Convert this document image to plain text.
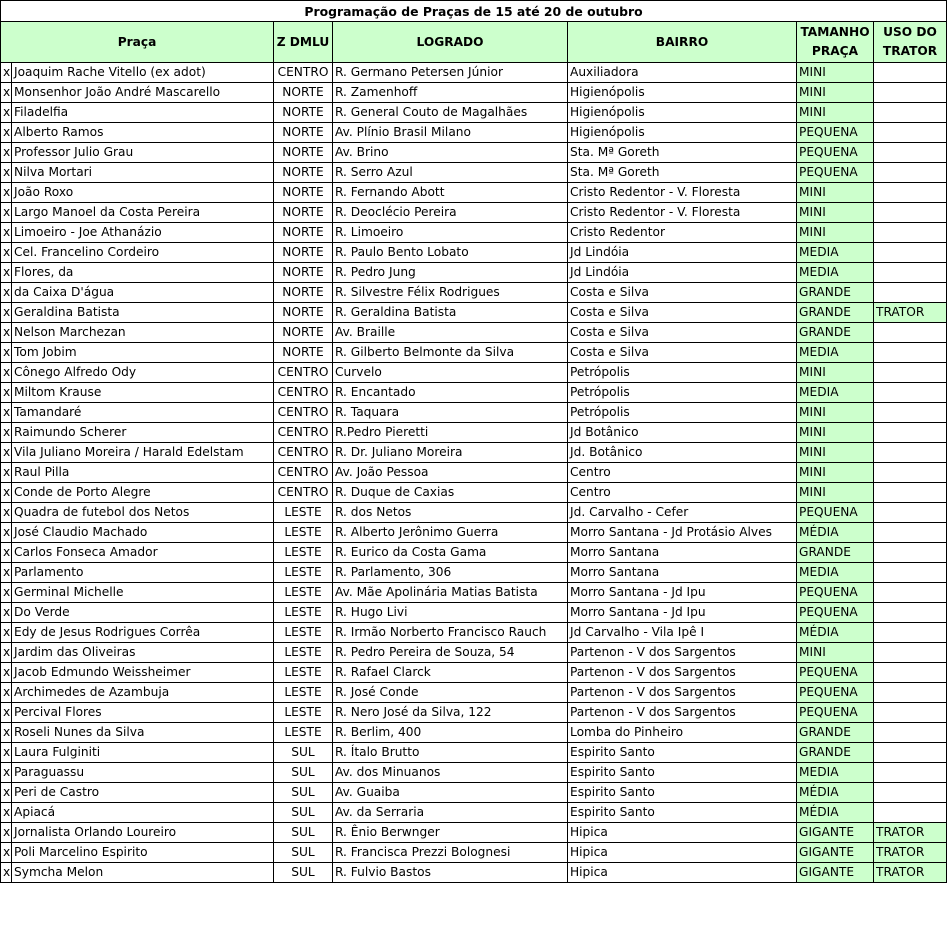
Programação de Praças de 15 até 20 de outubro						
Praça		Z DMLU	LOGRADO	BAIRRO	TAMANHO PRAÇA	USO DO TRATOR
x	Joaquim Rache Vitello (ex adot)	CENTRO	R. Germano Petersen Júnior	Auxiliadora	MINI	
x	Monsenhor João André Mascarello	NORTE	R. Zamenhoff	Higienópolis	MINI	
x	Filadelfia	NORTE	R. General Couto de Magalhães	Higienópolis	MINI	
x	Alberto Ramos	NORTE	Av. Plínio Brasil Milano	Higienópolis	PEQUENA	
x	Professor Julio Grau	NORTE	Av. Brino	Sta. Mª Goreth	PEQUENA	
x	Nilva Mortari	NORTE	R. Serro Azul	Sta. Mª Goreth	PEQUENA	
x	João Roxo	NORTE	R. Fernando Abott	Cristo Redentor - V. Floresta	MINI	
x	Largo Manoel da Costa Pereira	NORTE	R. Deoclécio Pereira	Cristo Redentor - V. Floresta	MINI	
x	Limoeiro - Joe Athanázio	NORTE	R. Limoeiro	Cristo Redentor	MINI	
x	Cel. Francelino Cordeiro	NORTE	R. Paulo Bento Lobato	Jd Lindóia	MEDIA	
x	Flores, da	NORTE	R. Pedro Jung	Jd Lindóia	MEDIA	
x	da Caixa D'água	NORTE	R. Silvestre Félix Rodrigues	Costa e Silva	GRANDE	
x	Geraldina Batista	NORTE	R. Geraldina Batista	Costa e Silva	GRANDE	TRATOR
x	Nelson Marchezan	NORTE	Av. Braille	Costa e Silva	GRANDE	
x	Tom Jobim	NORTE	R. Gilberto Belmonte da Silva	Costa e Silva	MEDIA	
x	Cônego Alfredo Ody	CENTRO	Curvelo	Petrópolis	MINI	
x	Miltom Krause	CENTRO	R. Encantado	Petrópolis	MEDIA	
x	Tamandaré	CENTRO	R. Taquara	Petrópolis	MINI	
x	Raimundo Scherer	CENTRO	R.Pedro Pieretti	Jd Botânico	MINI	
x	Vila Juliano Moreira / Harald Edelstam	CENTRO	R. Dr. Juliano Moreira	Jd. Botânico	MINI	
x	Raul Pilla	CENTRO	Av. João Pessoa	Centro	MINI	
x	Conde de Porto Alegre	CENTRO	R. Duque de Caxias	Centro	MINI	
x	Quadra de futebol dos Netos	LESTE	R. dos Netos	Jd. Carvalho - Cefer	PEQUENA	
x	José Claudio Machado	LESTE	R. Alberto Jerônimo Guerra	Morro Santana - Jd Protásio Alves	MÉDIA	
x	Carlos Fonseca Amador	LESTE	R. Eurico da Costa Gama	Morro Santana	GRANDE	
x	Parlamento	LESTE	R. Parlamento, 306	Morro Santana	MEDIA	
x	Germinal Michelle	LESTE	Av. Mãe Apolinária Matias Batista	Morro Santana - Jd Ipu	PEQUENA	
x	Do Verde	LESTE	R. Hugo Livi	Morro Santana - Jd Ipu	PEQUENA	
x	Edy de Jesus Rodrigues Corrêa	LESTE	R. Irmão Norberto Francisco Rauch	Jd Carvalho - Vila Ipê I	MÉDIA	
x	Jardim das Oliveiras	LESTE	R. Pedro Pereira de Souza, 54	Partenon - V dos Sargentos	MINI	
x	Jacob Edmundo Weissheimer	LESTE	R. Rafael Clarck	Partenon - V dos Sargentos	PEQUENA	
x	Archimedes de Azambuja	LESTE	R. José Conde	Partenon - V dos Sargentos	PEQUENA	
x	Percival Flores	LESTE	R. Nero José da Silva, 122	Partenon - V dos Sargentos	PEQUENA	
x	Roseli Nunes da Silva	LESTE	R. Berlim, 400	Lomba do Pinheiro	GRANDE	
x	Laura Fulginiti	SUL	R. Ítalo Brutto	Espirito Santo	GRANDE	
x	Paraguassu	SUL	Av. dos Minuanos	Espirito Santo	MEDIA	
x	Peri de Castro	SUL	Av. Guaiba	Espirito Santo	MÉDIA	
x	Apiacá	SUL	Av. da Serraria	Espirito Santo	MÉDIA	
x	Jornalista Orlando Loureiro	SUL	R. Ênio Berwnger	Hipica	GIGANTE	TRATOR
x	Poli Marcelino Espirito	SUL	R. Francisca Prezzi Bolognesi	Hipica	GIGANTE	TRATOR
x	Symcha Melon	SUL	R. Fulvio Bastos	Hipica	GIGANTE	TRATOR
